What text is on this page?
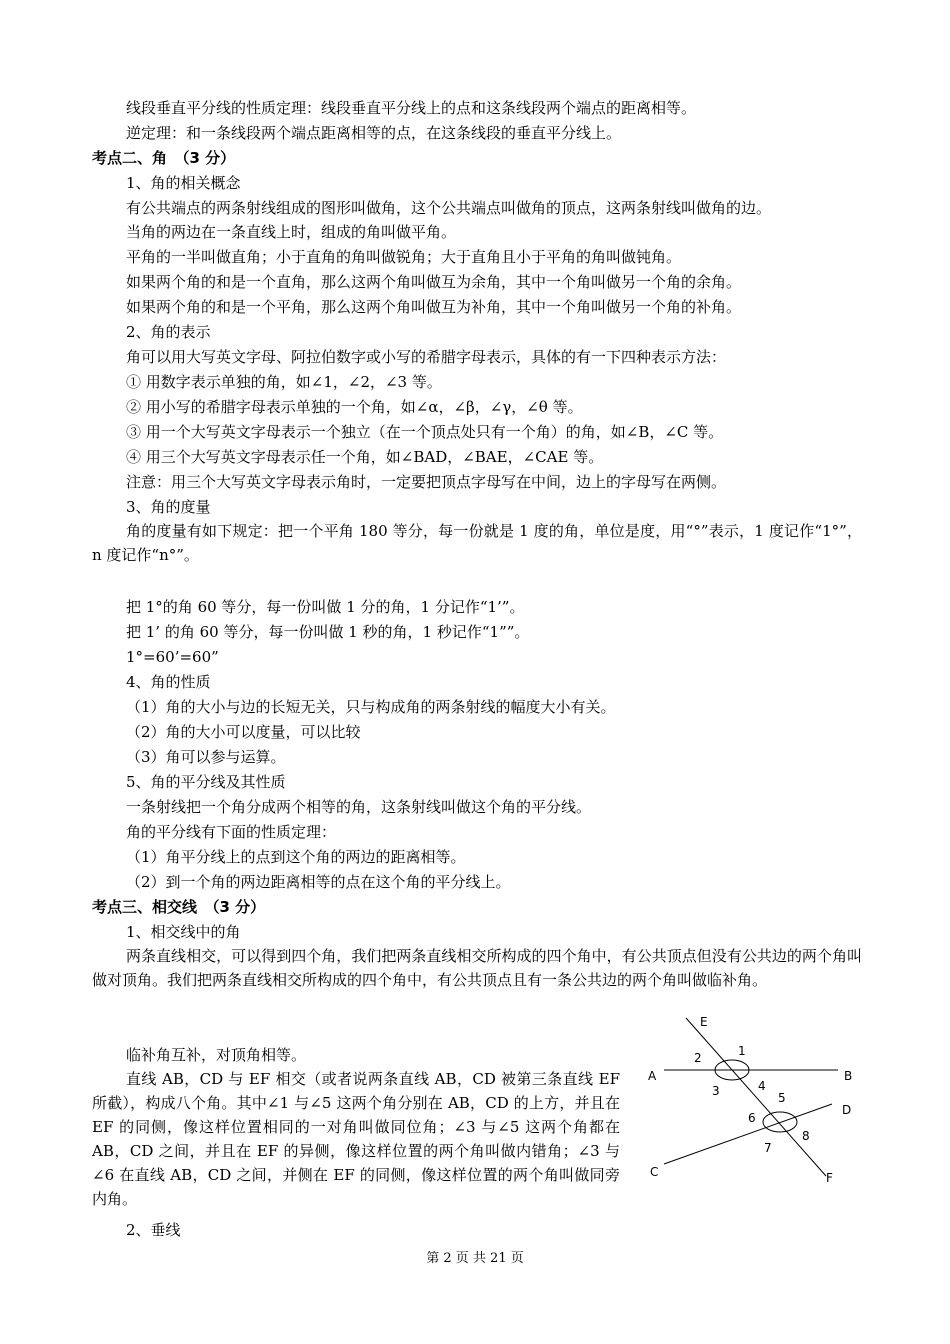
线段垂直平分线的性质定理：线段垂直平分线上的点和这条线段两个端点的距离相等。
逆定理：和一条线段两个端点距离相等的点，在这条线段的垂直平分线上。
考点二、角　（3 分）
1、角的相关概念
有公共端点的两条射线组成的图形叫做角，这个公共端点叫做角的顶点，这两条射线叫做角的边。
当角的两边在一条直线上时，组成的角叫做平角。
平角的一半叫做直角；小于直角的角叫做锐角；大于直角且小于平角的角叫做钝角。
如果两个角的和是一个直角，那么这两个角叫做互为余角，其中一个角叫做另一个角的余角。
如果两个角的和是一个平角，那么这两个角叫做互为补角，其中一个角叫做另一个角的补角。
2、角的表示
角可以用大写英文字母、阿拉伯数字或小写的希腊字母表示，具体的有一下四种表示方法：
① 用数字表示单独的角，如∠1，∠2，∠3 等。
② 用小写的希腊字母表示单独的一个角，如∠α，∠β，∠γ，∠θ 等。
③ 用一个大写英文字母表示一个独立（在一个顶点处只有一个角）的角，如∠B，∠C 等。
④ 用三个大写英文字母表示任一个角，如∠BAD，∠BAE，∠CAE 等。
注意：用三个大写英文字母表示角时，一定要把顶点字母写在中间，边上的字母写在两侧。
3、角的度量
角的度量有如下规定：把一个平角 180 等分，每一份就是 1 度的角，单位是度，用“°”表示，1 度记作“1°”，n 度记作“n°”。
把 1°的角 60 等分，每一份叫做 1 分的角，1 分记作“1’”。
把 1’ 的角 60 等分，每一份叫做 1 秒的角，1 秒记作“1””。
1°=60’=60”
4、角的性质
（1）角的大小与边的长短无关，只与构成角的两条射线的幅度大小有关。
（2）角的大小可以度量，可以比较
（3）角可以参与运算。
5、角的平分线及其性质
一条射线把一个角分成两个相等的角，这条射线叫做这个角的平分线。
角的平分线有下面的性质定理：
（1）角平分线上的点到这个角的两边的距离相等。
（2）到一个角的两边距离相等的点在这个角的平分线上。
考点三、相交线　（3 分）
1、相交线中的角
两条直线相交，可以得到四个角，我们把两条直线相交所构成的四个角中，有公共顶点但没有公共边的两个角叫做对顶角。我们把两条直线相交所构成的四个角中，有公共顶点且有一条公共边的两个角叫做临补角。
临补角互补，对顶角相等。
直线 AB，CD 与 EF 相交（或者说两条直线 AB，CD 被第三条直线 EF 所截），构成八个角。其中∠1 与∠5 这两个角分别在 AB，CD 的上方，并且在 EF 的同侧，像这样位置相同的一对角叫做同位角；∠3 与∠5 这两个角都在 AB，CD 之间，并且在 EF 的异侧，像这样位置的两个角叫做内错角；∠3 与∠6 在直线 AB，CD 之间，并侧在 EF 的同侧，像这样位置的两个角叫做同旁内角。
E
1
2
A	B
3	4
5
6
D
7
8
C	F
2、垂线
第 2 页 共 21 页
